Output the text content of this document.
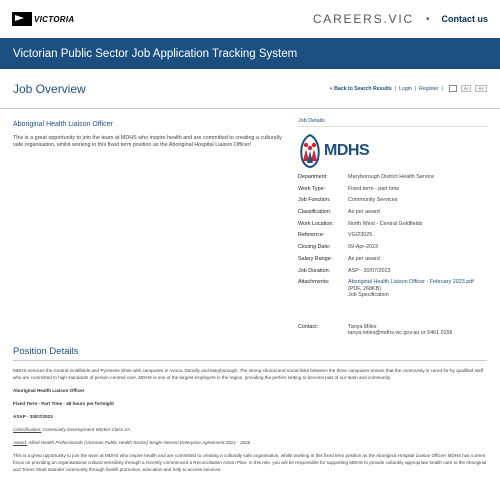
VICTORIA	CAREERS.VIC • Contact us
Victorian Public Sector Job Application Tracking System
Job Overview	« Back to Search Results | Login | Register |	A-	A+
Aboriginal Health Liaison Officer
This is a great opportunity to join the team at MDHS who inspire health and are committed to creating a culturally safe organisation, whilst working in this fixed term position as the Aboriginal Hospital Liaison Officer!
Job Details
MDHS
Department:	Maryborough District Health Service
Work Type:	Fixed term - part time
Job Function:	Community Services
Classification:	As per award
Work Location:	North West - Central Goldfields
Reference:	VG/23025
Closing Date:	09-Apr-2023
Salary Range:	As per award
Job Duration:	ASP - 30/07/2023
Attachments:	Aboriginal Health Liaison Officer - February 2023.pdf (PDF, 268KB)
Job Specification
Contact:	Tanya Miles
tanya.miles@mdhs.vic.gov.au or 5461 0156
Position Details
MDHS services the Central Goldfields and Pyrenees Shire with campuses in Avoca, Dunolly and Maryborough. The strong clinical and social links between the three campuses ensure that the community is cared for by qualified staff who are committed to high standards of person-centred care. MDHS is one of the largest employers in the region, providing the perfect setting to become part of our team and community.
Aboriginal Health Liaison Officer
Fixed Term - Part Time - 48 hours per fortnight
ASAP - 30/07/2023
Classification: Community Development Worker Class 2A
Award: Allied Health Professionals (Victorian Public Health Sector) Single Interest Enterprise Agreement 2021 - 2026
This is a great opportunity to join the team at MDHS who inspire health and are committed to creating a culturally safe organisation, whilst working in this fixed term position as the Aboriginal Hospital Liaison Officer! MDHS has current focus on providing an organisational cultural sensitivity through a recently commenced a Reconciliation Action Plan. In this role, you will be responsible for supporting MDHS to provide culturally appropriate health care to the Aboriginal and Torres Strait Islander community through health promotion, education and help to access services.
